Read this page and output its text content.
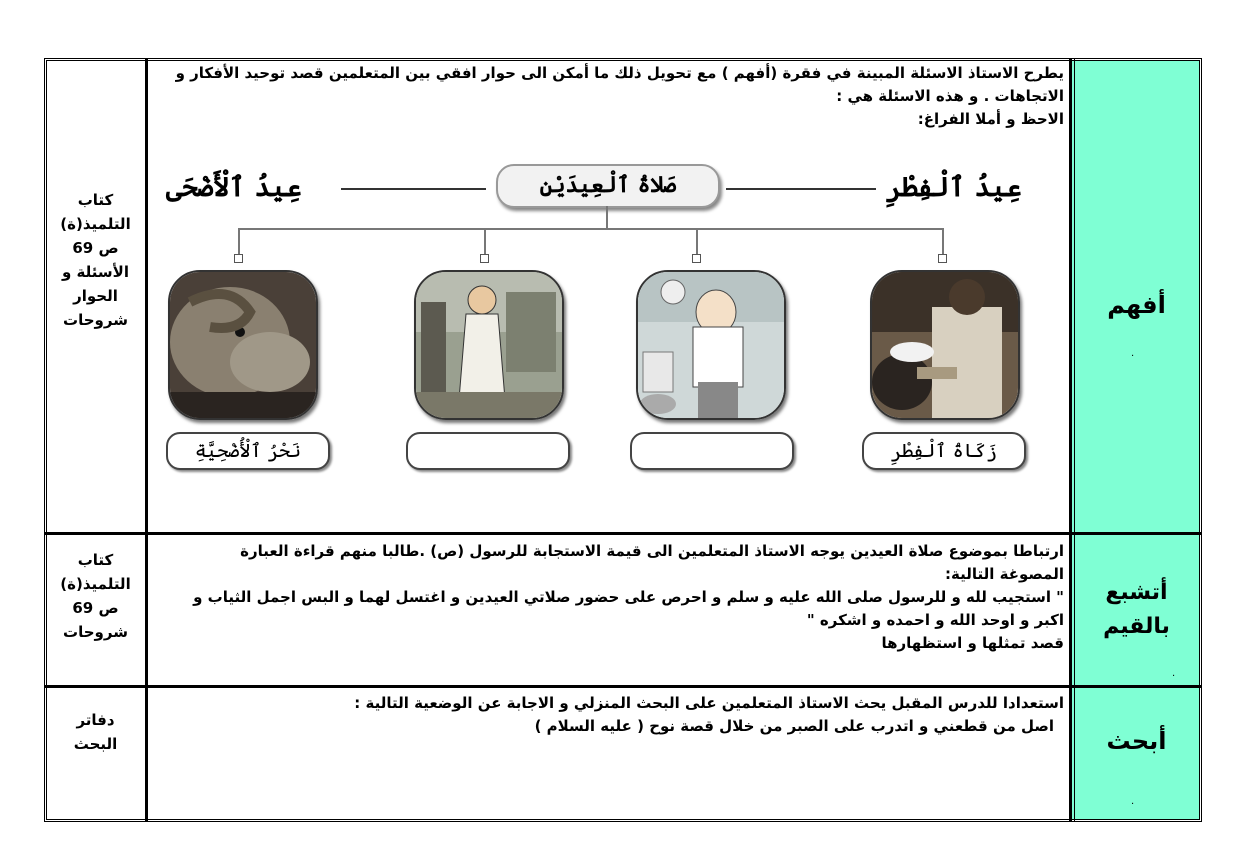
كتاب
التلميذ(ة)
ص 69
الأسئلة و
الحوار
شروحات
يطرح الاستاذ الاسئلة المبينة في فقرة (أفهم ) مع تحويل ذلك ما أمكن الى حوار افقي بين المتعلمين قصد توحيد الأفكار و
الاتجاهات . و هذه الاسئلة هي :
الاحظ و أملا الفراغ:
أفهم
.
عِيدُ ٱلْفِطْرِ
صَلاةُ ٱلْعِيدَيْنِ
عِيدُ ٱلْأَضْحَى
زَكَاةُ ٱلْفِطْرِ
نَحْرُ ٱلْأُضْحِيَّةِ
كتاب
التلميذ(ة)
ص 69
شروحات
ارتباطا بموضوع صلاة العيدين يوجه الاستاذ المتعلمين الى قيمة الاستجابة للرسول (ص) .طالبا منهم قراءة العبارة
المصوغة التالية:
" استجيب لله و للرسول صلى الله عليه و سلم و احرص على حضور صلاتي العيدين و اغتسل لهما و البس اجمل الثياب و
اكبر و اوحد الله و احمده و اشكره "
قصد تمثلها و استظهارها
أتشبع بالقيم
.
دفاتر
البحث
استعدادا للدرس المقبل يحث الاستاذ المتعلمين على البحث المنزلي و الاجابة عن الوضعية التالية :
اصل من قطعني و اتدرب على الصبر من خلال قصة نوح ( عليه السلام )
أبحث
.
